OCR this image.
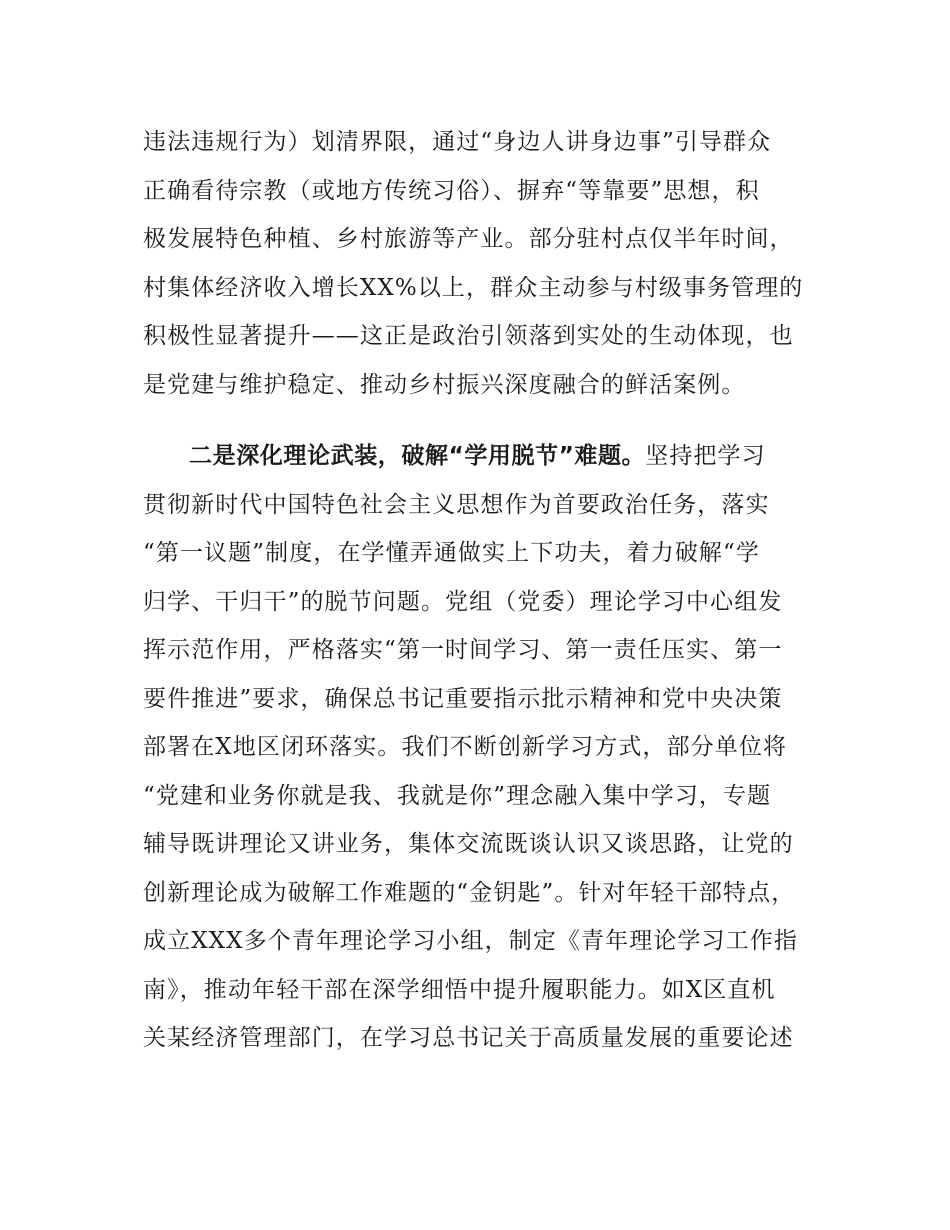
违法违规行为）划清界限，通过“身边人讲身边事”引导群众
正确看待宗教（或地方传统习俗）、摒弃“等靠要”思想，积
极发展特色种植、乡村旅游等产业。部分驻村点仅半年时间，
村集体经济收入增长XX%以上，群众主动参与村级事务管理的
积极性显著提升——这正是政治引领落到实处的生动体现，也
是党建与维护稳定、推动乡村振兴深度融合的鲜活案例。
二是深化理论武装，破解“学用脱节”难题。坚持把学习
贯彻新时代中国特色社会主义思想作为首要政治任务，落实
“第一议题”制度，在学懂弄通做实上下功夫，着力破解“学
归学、干归干”的脱节问题。党组（党委）理论学习中心组发
挥示范作用，严格落实“第一时间学习、第一责任压实、第一
要件推进”要求，确保总书记重要指示批示精神和党中央决策
部署在X地区闭环落实。我们不断创新学习方式，部分单位将
“党建和业务你就是我、我就是你”理念融入集中学习，专题
辅导既讲理论又讲业务，集体交流既谈认识又谈思路，让党的
创新理论成为破解工作难题的“金钥匙”。针对年轻干部特点，
成立XXX多个青年理论学习小组，制定《青年理论学习工作指
南》，推动年轻干部在深学细悟中提升履职能力。如X区直机
关某经济管理部门，在学习总书记关于高质量发展的重要论述
